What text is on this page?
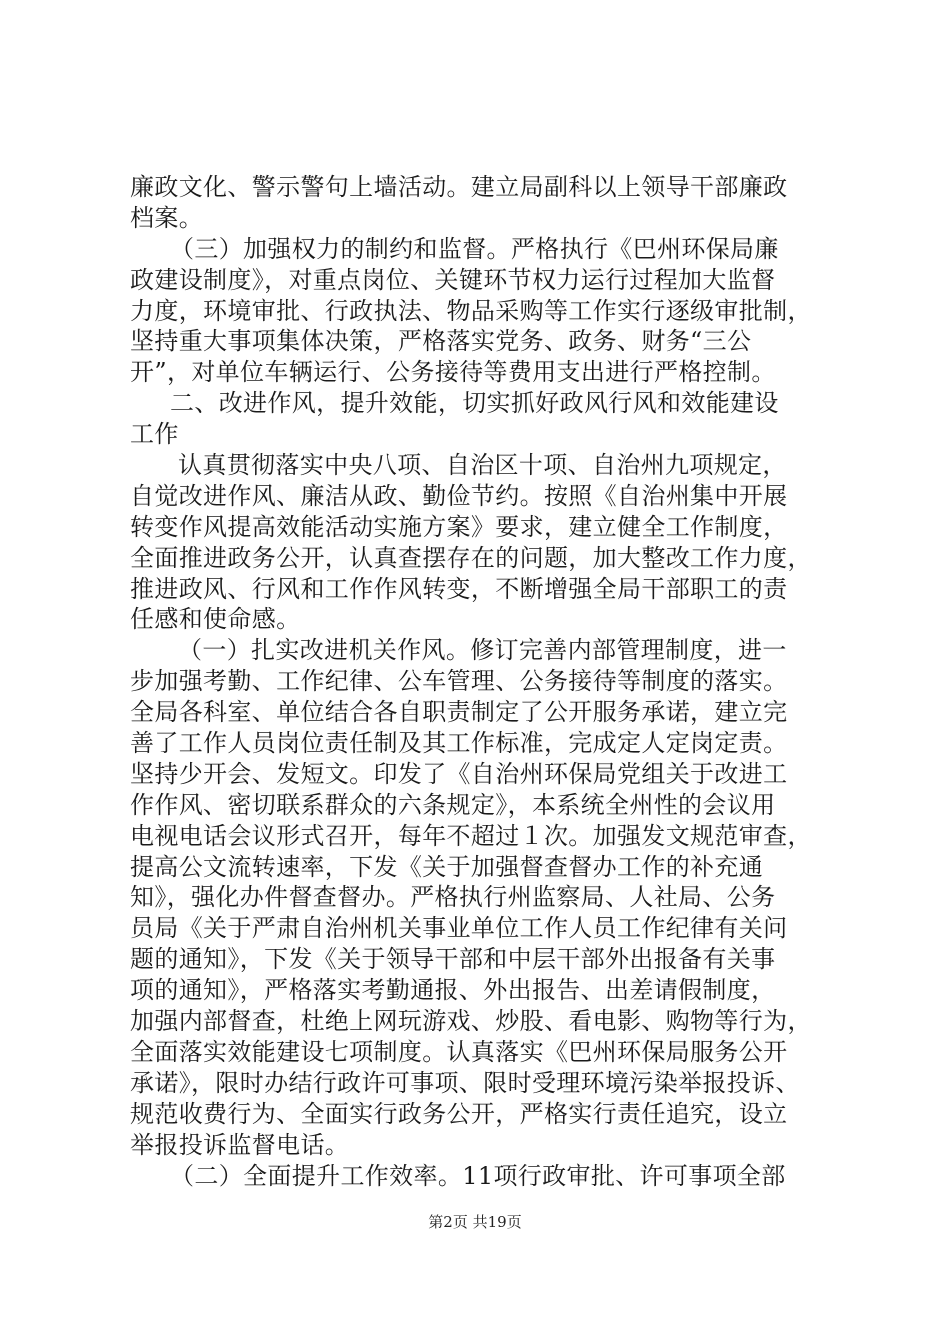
廉政文化、警示警句上墙活动。建立局副科以上领导干部廉政
档案。
（三）加强权力的制约和监督。严格执行《巴州环保局廉
政建设制度》，对重点岗位、关键环节权力运行过程加大监督
力度，环境审批、行政执法、物品采购等工作实行逐级审批制，
坚持重大事项集体决策，严格落实党务、政务、财务“三公
开”，对单位车辆运行、公务接待等费用支出进行严格控制。
二、改进作风，提升效能，切实抓好政风行风和效能建设
工作
认真贯彻落实中央八项、自治区十项、自治州九项规定，
自觉改进作风、廉洁从政、勤俭节约。按照《自治州集中开展
转变作风提高效能活动实施方案》要求，建立健全工作制度，
全面推进政务公开，认真查摆存在的问题，加大整改工作力度，
推进政风、行风和工作作风转变，不断增强全局干部职工的责
任感和使命感。
（一）扎实改进机关作风。修订完善内部管理制度，进一
步加强考勤、工作纪律、公车管理、公务接待等制度的落实。
全局各科室、单位结合各自职责制定了公开服务承诺，建立完
善了工作人员岗位责任制及其工作标准，完成定人定岗定责。
坚持少开会、发短文。印发了《自治州环保局党组关于改进工
作作风、密切联系群众的六条规定》，本系统全州性的会议用
电视电话会议形式召开，每年不超过１次。加强发文规范审查，
提高公文流转速率，下发《关于加强督查督办工作的补充通
知》，强化办件督查督办。严格执行州监察局、人社局、公务
员局《关于严肃自治州机关事业单位工作人员工作纪律有关问
题的通知》，下发《关于领导干部和中层干部外出报备有关事
项的通知》，严格落实考勤通报、外出报告、出差请假制度，
加强内部督查，杜绝上网玩游戏、炒股、看电影、购物等行为，
全面落实效能建设七项制度。认真落实《巴州环保局服务公开
承诺》，限时办结行政许可事项、限时受理环境污染举报投诉、
规范收费行为、全面实行政务公开，严格实行责任追究，设立
举报投诉监督电话。
（二）全面提升工作效率。11项行政审批、许可事项全部
第2页 共19页
